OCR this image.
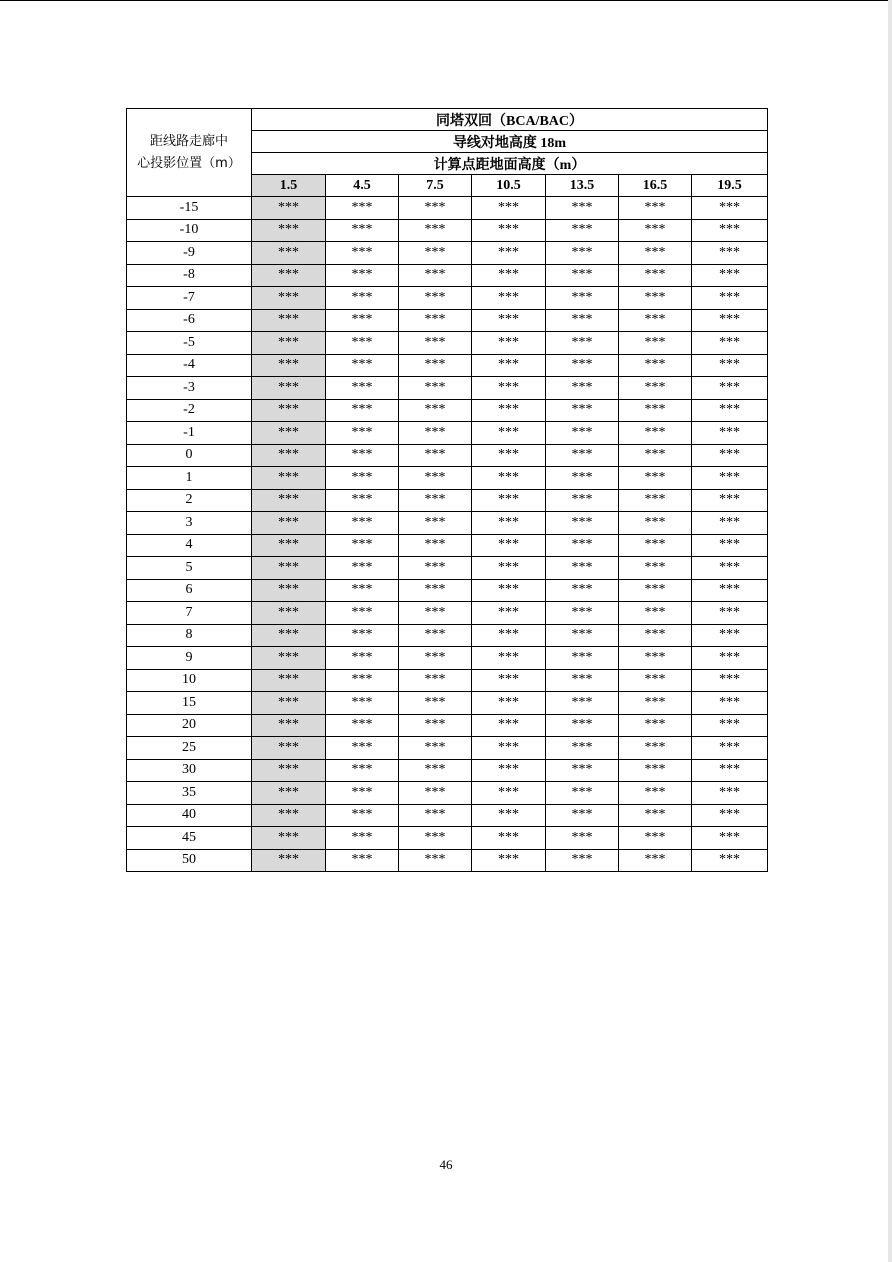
距线路走廊中
心投影位置（m）	同塔双回（BCA/BAC）						
	导线对地高度 18m						
	计算点距地面高度（m）						
	1.5	4.5	7.5	10.5	13.5	16.5	19.5
-15	***	***	***	***	***	***	***
-10	***	***	***	***	***	***	***
-9	***	***	***	***	***	***	***
-8	***	***	***	***	***	***	***
-7	***	***	***	***	***	***	***
-6	***	***	***	***	***	***	***
-5	***	***	***	***	***	***	***
-4	***	***	***	***	***	***	***
-3	***	***	***	***	***	***	***
-2	***	***	***	***	***	***	***
-1	***	***	***	***	***	***	***
0	***	***	***	***	***	***	***
1	***	***	***	***	***	***	***
2	***	***	***	***	***	***	***
3	***	***	***	***	***	***	***
4	***	***	***	***	***	***	***
5	***	***	***	***	***	***	***
6	***	***	***	***	***	***	***
7	***	***	***	***	***	***	***
8	***	***	***	***	***	***	***
9	***	***	***	***	***	***	***
10	***	***	***	***	***	***	***
15	***	***	***	***	***	***	***
20	***	***	***	***	***	***	***
25	***	***	***	***	***	***	***
30	***	***	***	***	***	***	***
35	***	***	***	***	***	***	***
40	***	***	***	***	***	***	***
45	***	***	***	***	***	***	***
50	***	***	***	***	***	***	***
46
